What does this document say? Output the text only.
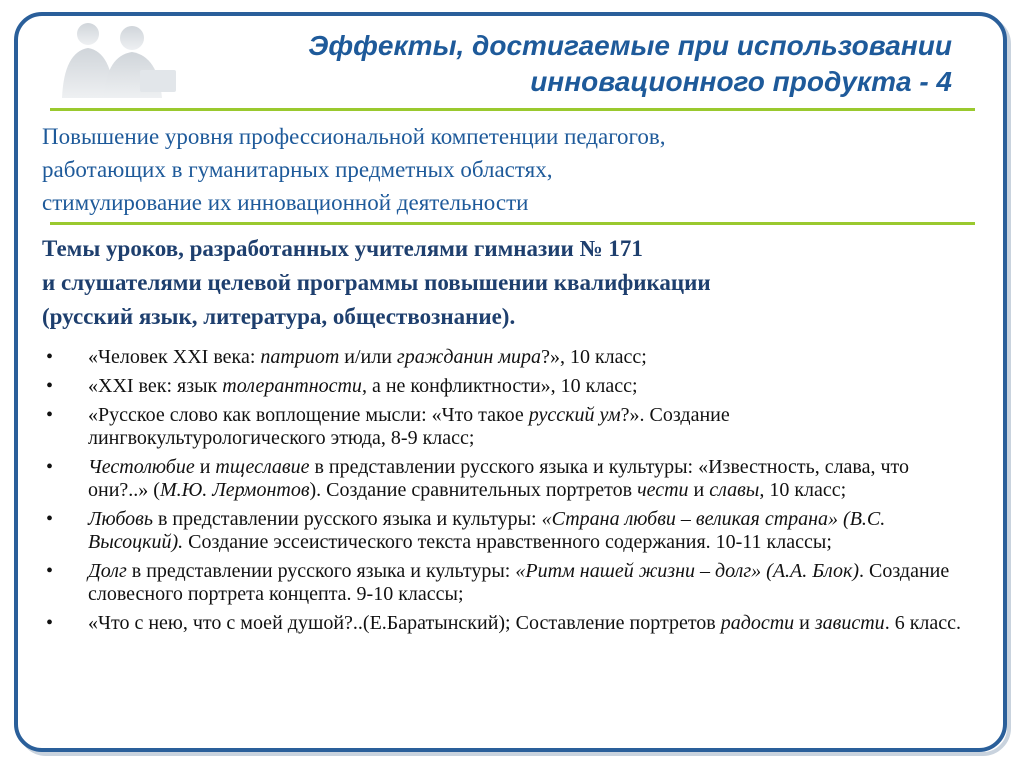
Эффекты, достигаемые при использовании
инновационного продукта - 4
Повышение уровня профессиональной компетенции педагогов,
работающих в гуманитарных предметных областях,
стимулирование их инновационной деятельности
Темы уроков, разработанных учителями гимназии № 171
и слушателями целевой программы повышении квалификации
(русский язык, литература, обществознание).
• «Человек XXI века: патриот и/или гражданин мира?», 10 класс;
• «XXI век: язык толерантности, а не конфликтности», 10 класс;
• «Русское слово как воплощение мысли: «Что такое русский ум?». Создание лингвокультурологического этюда, 8-9 класс;
• Честолюбие и тщеславие в представлении русского языка и культуры: «Известность, слава, что они?..» (М.Ю. Лермонтов). Создание сравнительных портретов чести и славы, 10 класс;
• Любовь в представлении русского языка и культуры: «Страна любви – великая страна» (В.С. Высоцкий). Создание эссеистического текста нравственного содержания. 10-11 классы;
• Долг в представлении русского языка и культуры: «Ритм нашей жизни – долг» (А.А. Блок). Создание словесного портрета концепта. 9-10 классы;
• «Что с нею, что с моей душой?..(Е.Баратынский); Составление портретов радости и зависти. 6 класс.
